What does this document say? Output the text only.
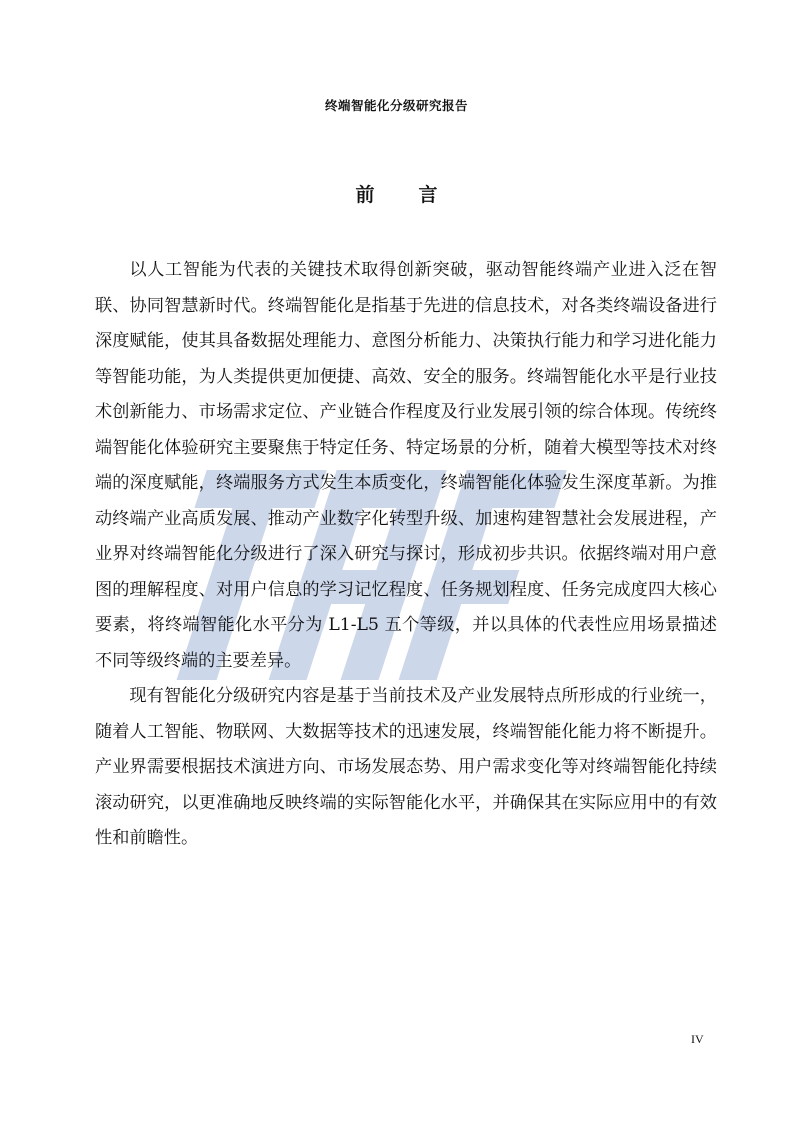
终端智能化分级研究报告
前言

以人工智能为代表的关键技术取得创新突破，驱动智能终端产业进入泛在智联、协同智慧新时代。终端智能化是指基于先进的信息技术，对各类终端设备进行深度赋能，使其具备数据处理能力、意图分析能力、决策执行能力和学习进化能力等智能功能，为人类提供更加便捷、高效、安全的服务。终端智能化水平是行业技术创新能力、市场需求定位、产业链合作程度及行业发展引领的综合体现。传统终端智能化体验研究主要聚焦于特定任务、特定场景的分析，随着大模型等技术对终端的深度赋能，终端服务方式发生本质变化，终端智能化体验发生深度革新。为推动终端产业高质发展、推动产业数字化转型升级、加速构建智慧社会发展进程，产业界对终端智能化分级进行了深入研究与探讨，形成初步共识。依据终端对用户意图的理解程度、对用户信息的学习记忆程度、任务规划程度、任务完成度四大核心要素，将终端智能化水平分为 L1-L5 五个等级，并以具体的代表性应用场景描述不同等级终端的主要差异。

现有智能化分级研究内容是基于当前技术及产业发展特点所形成的行业统一，随着人工智能、物联网、大数据等技术的迅速发展，终端智能化能力将不断提升。产业界需要根据技术演进方向、市场发展态势、用户需求变化等对终端智能化持续滚动研究，以更准确地反映终端的实际智能化水平，并确保其在实际应用中的有效性和前瞻性。

IV
